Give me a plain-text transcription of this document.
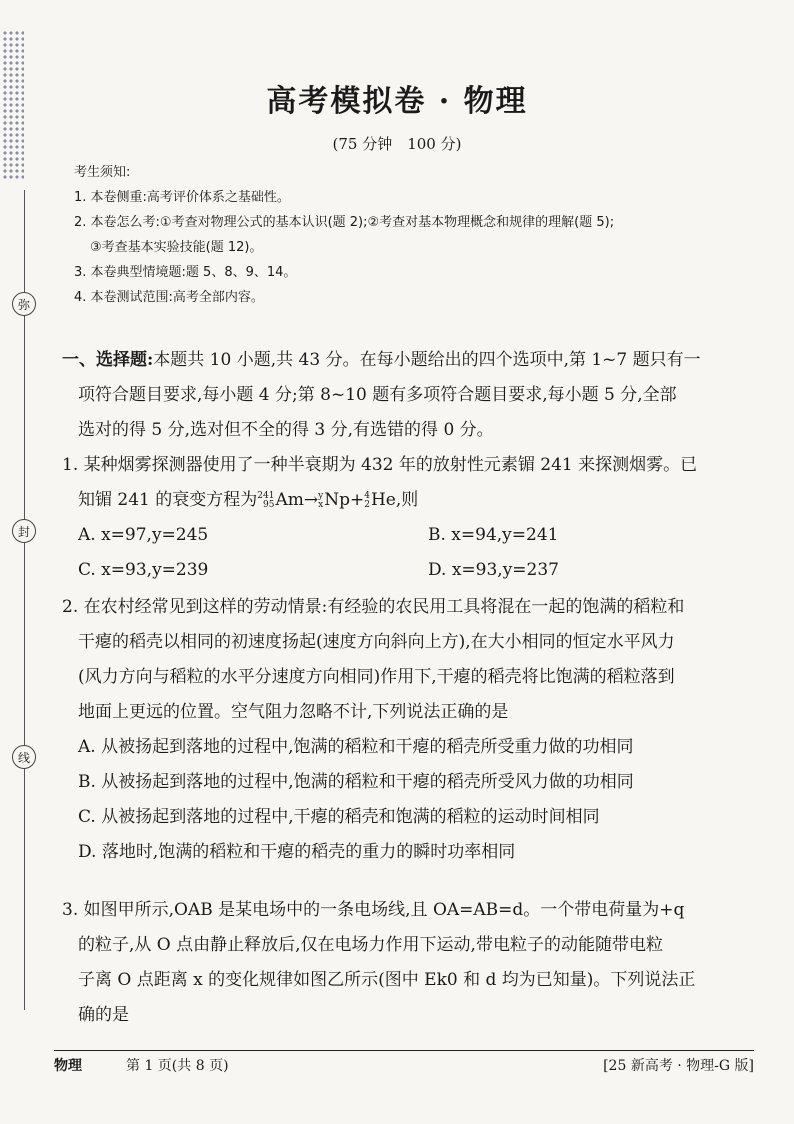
弥
封
线
高考模拟卷 · 物理
(75 分钟　100 分)
考生须知:
1. 本卷侧重:高考评价体系之基础性。
2. 本卷怎么考:①考查对物理公式的基本认识(题 2);②考查对基本物理概念和规律的理解(题 5);
③考查基本实验技能(题 12)。
3. 本卷典型情境题:题 5、8、9、14。
4. 本卷测试范围:高考全部内容。
一、选择题:本题共 10 小题,共 43 分。在每小题给出的四个选项中,第 1~7 题只有一
项符合题目要求,每小题 4 分;第 8~10 题有多项符合题目要求,每小题 5 分,全部
选对的得 5 分,选对但不全的得 3 分,有选错的得 0 分。
1. 某种烟雾探测器使用了一种半衰期为 432 年的放射性元素镅 241 来探测烟雾。已
知镅 241 的衰变方程为241
95Am→y
xNp+4
2He,则
A. x=97,y=245	B. x=94,y=241
C. x=93,y=239	D. x=93,y=237
2. 在农村经常见到这样的劳动情景:有经验的农民用工具将混在一起的饱满的稻粒和
干瘪的稻壳以相同的初速度扬起(速度方向斜向上方),在大小相同的恒定水平风力
(风力方向与稻粒的水平分速度方向相同)作用下,干瘪的稻壳将比饱满的稻粒落到
地面上更远的位置。空气阻力忽略不计,下列说法正确的是
A. 从被扬起到落地的过程中,饱满的稻粒和干瘪的稻壳所受重力做的功相同
B. 从被扬起到落地的过程中,饱满的稻粒和干瘪的稻壳所受风力做的功相同
C. 从被扬起到落地的过程中,干瘪的稻壳和饱满的稻粒的运动时间相同
D. 落地时,饱满的稻粒和干瘪的稻壳的重力的瞬时功率相同
3. 如图甲所示,OAB 是某电场中的一条电场线,且 OA=AB=d。一个带电荷量为+q
的粒子,从 O 点由静止释放后,仅在电场力作用下运动,带电粒子的动能随带电粒
子离 O 点距离 x 的变化规律如图乙所示(图中 Ek0 和 d 均为已知量)。下列说法正
确的是
物理	第 1 页(共 8 页)	[25 新高考 · 物理-G 版]
